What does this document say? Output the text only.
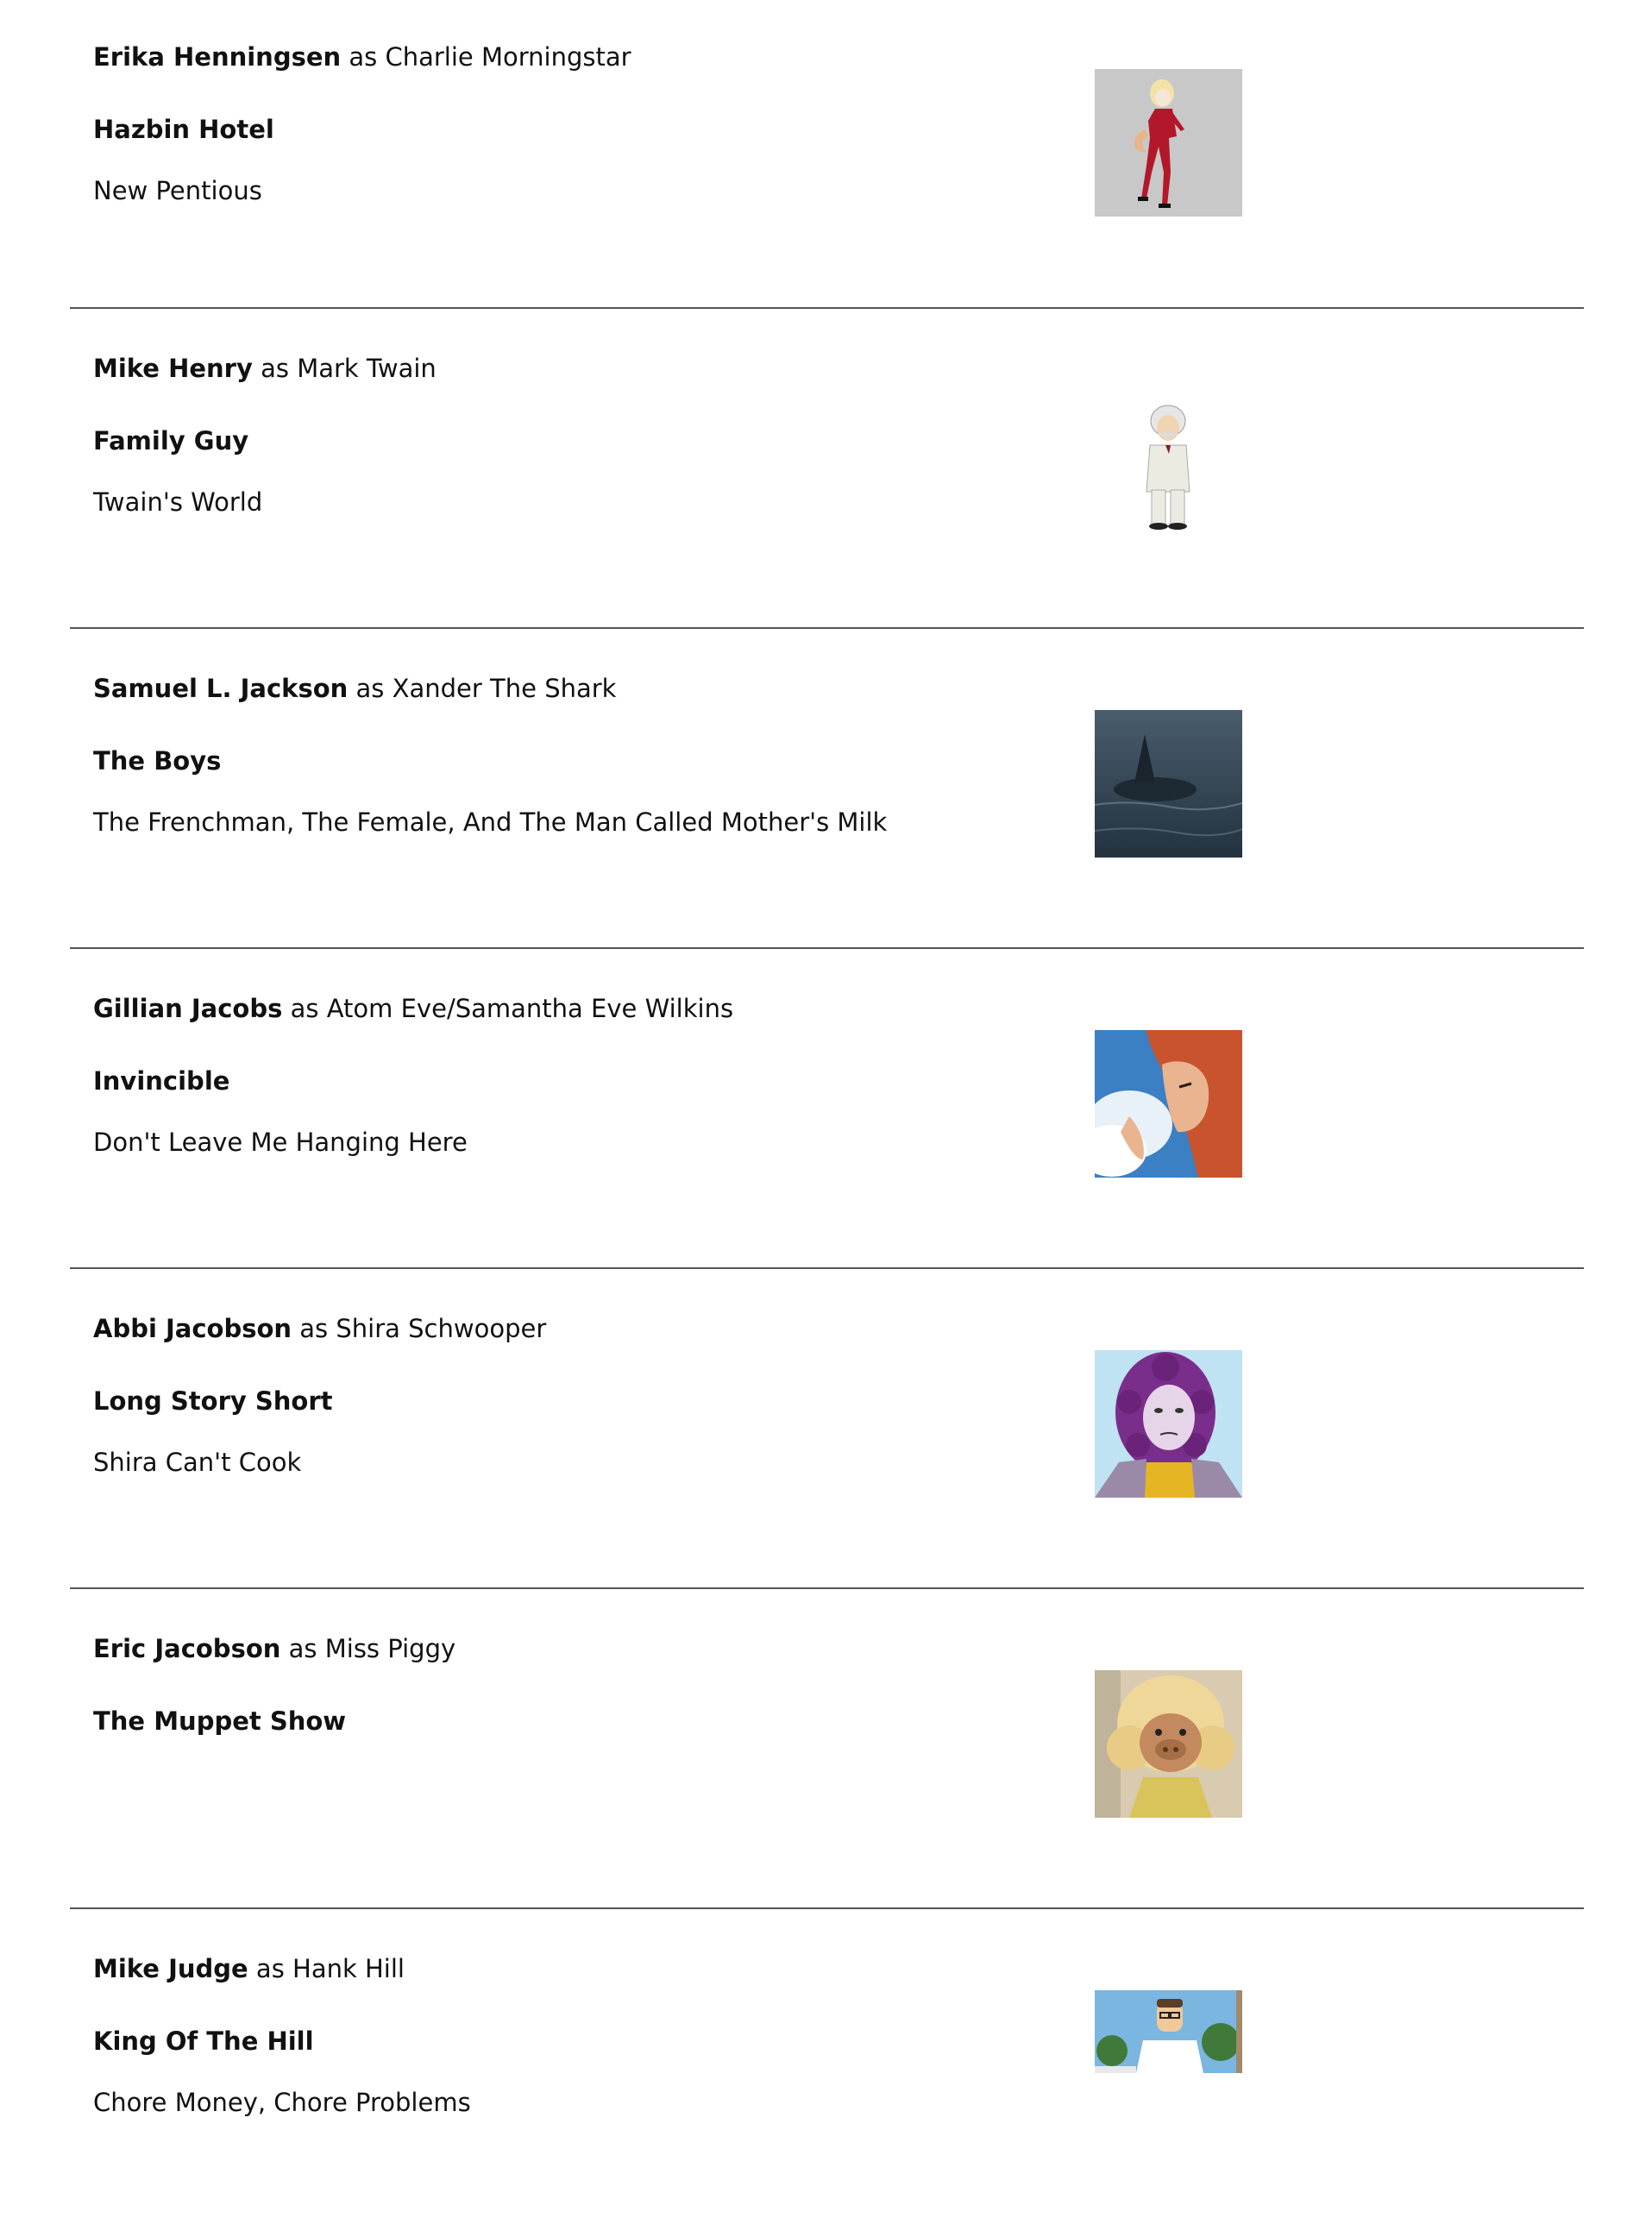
Erika Henningsen as Charlie Morningstar

Hazbin Hotel

New Pentious

Mike Henry as Mark Twain

Family Guy

Twain's World

Samuel L. Jackson as Xander The Shark

The Boys

The Frenchman, The Female, And The Man Called Mother's Milk

Gillian Jacobs as Atom Eve/Samantha Eve Wilkins

Invincible

Don't Leave Me Hanging Here

Abbi Jacobson as Shira Schwooper

Long Story Short

Shira Can't Cook

Eric Jacobson as Miss Piggy

The Muppet Show

Mike Judge as Hank Hill

King Of The Hill

Chore Money, Chore Problems
